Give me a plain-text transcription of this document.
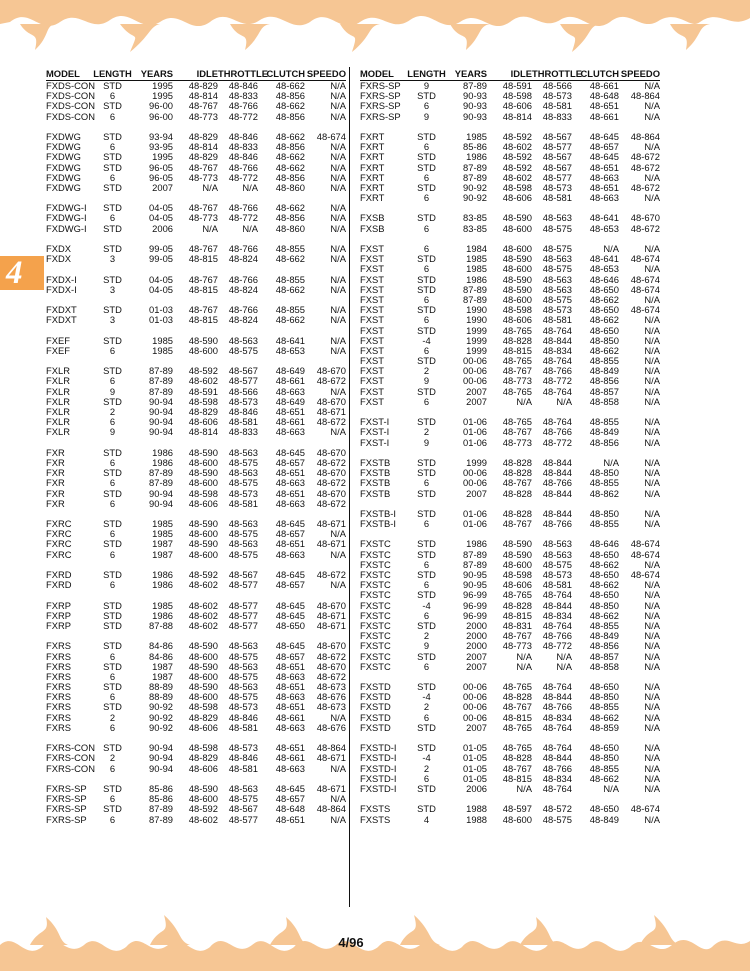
4
MODEL	LENGTH YEARS	IDLE THROTTLE
CLUTCH SPEEDO
FXDS-CON STD	1995	48-829	48-846	48-662	N/A
FXDS-CON	6	1995	48-814	48-833	48-856	N/A
FXDS-CON STD	96-00	48-767	48-766	48-662	N/A
FXDS-CON	6	96-00	48-773	48-772	48-856	N/A
FXDWG	STD	93-94	48-829	48-846	48-662	48-674
FXDWG	6	93-95	48-814	48-833	48-856	N/A
FXDWG	STD	1995	48-829	48-846	48-662	N/A
FXDWG	STD	96-05	48-767	48-766	48-662	N/A
FXDWG	6	96-05	48-773	48-772	48-856	N/A
FXDWG	STD	2007	N/A	N/A	48-860	N/A
FXDWG-I	STD	04-05	48-767	48-766	48-662	N/A
FXDWG-I	6	04-05	48-773	48-772	48-856	N/A
FXDWG-I	STD	2006	N/A	N/A	48-860	N/A
FXDX	STD	99-05	48-767	48-766	48-855	N/A
FXDX	3	99-05	48-815	48-824	48-662	N/A
FXDX-I	STD	04-05	48-767	48-766	48-855	N/A
FXDX-I	3	04-05	48-815	48-824	48-662	N/A
FXDXT	STD	01-03	48-767	48-766	48-855	N/A
FXDXT	3	01-03	48-815	48-824	48-662	N/A
FXEF	STD	1985	48-590	48-563	48-641	N/A
FXEF	6	1985	48-600	48-575	48-653	N/A
FXLR	STD	87-89	48-592	48-567	48-649	48-670
FXLR	6	87-89	48-602	48-577	48-661	48-672
FXLR	9	87-89	48-591	48-566	48-663	N/A
FXLR	STD	90-94	48-598	48-573	48-649	48-670
FXLR	2	90-94	48-829	48-846	48-651	48-671
FXLR	6	90-94	48-606	48-581	48-661	48-672
FXLR	9	90-94	48-814	48-833	48-663	N/A
FXR	STD	1986	48-590	48-563	48-645	48-670
FXR	6	1986	48-600	48-575	48-657	48-672
FXR	STD	87-89	48-590	48-563	48-651	48-670
FXR	6	87-89	48-600	48-575	48-663	48-672
FXR	STD	90-94	48-598	48-573	48-651	48-670
FXR	6	90-94	48-606	48-581	48-663	48-672
FXRC	STD	1985	48-590	48-563	48-645	48-671
FXRC	6	1985	48-600	48-575	48-657	N/A
FXRC	STD	1987	48-590	48-563	48-651	48-671
FXRC	6	1987	48-600	48-575	48-663	N/A
FXRD	STD	1986	48-592	48-567	48-645	48-672
FXRD	6	1986	48-602	48-577	48-657	N/A
FXRP	STD	1985	48-602	48-577	48-645	48-670
FXRP	STD	1986	48-602	48-577	48-645	48-671
FXRP	STD	87-88	48-602	48-577	48-650	48-671
FXRS	STD	84-86	48-590	48-563	48-645	48-670
FXRS	6	84-86	48-600	48-575	48-657	48-672
FXRS	STD	1987	48-590	48-563	48-651	48-670
FXRS	6	1987	48-600	48-575	48-663	48-672
FXRS	STD	88-89	48-590	48-563	48-651	48-673
FXRS	6	88-89	48-600	48-575	48-663	48-676
FXRS	STD	90-92	48-598	48-573	48-651	48-673
FXRS	2	90-92	48-829	48-846	48-661	N/A
FXRS	6	90-92	48-606	48-581	48-663	48-676
FXRS-CON STD	90-94	48-598	48-573	48-651	48-864
FXRS-CON	2	90-94	48-829	48-846	48-661	48-671
FXRS-CON	6	90-94	48-606	48-581	48-663	N/A
FXRS-SP	STD	85-86	48-590	48-563	48-645	48-671
FXRS-SP	6	85-86	48-600	48-575	48-657	N/A
FXRS-SP	STD	87-89	48-592	48-567	48-648	48-864
FXRS-SP	6	87-89	48-602	48-577	48-651	N/A
MODEL	LENGTH YEARS	IDLE THROTTLE
CLUTCH SPEEDO
FXRS-SP	9	87-89	48-591	48-566	48-661	N/A
FXRS-SP	STD	90-93	48-598	48-573	48-648	48-864
FXRS-SP	6	90-93	48-606	48-581	48-651	N/A
FXRS-SP	9	90-93	48-814	48-833	48-661	N/A
FXRT	STD	1985	48-592	48-567	48-645	48-864
FXRT	6	85-86	48-602	48-577	48-657	N/A
FXRT	STD	1986	48-592	48-567	48-645	48-672
FXRT	STD	87-89	48-592	48-567	48-651	48-672
FXRT	6	87-89	48-602	48-577	48-663	N/A
FXRT	STD	90-92	48-598	48-573	48-651	48-672
FXRT	6	90-92	48-606	48-581	48-663	N/A
FXSB	STD	83-85	48-590	48-563	48-641	48-670
FXSB	6	83-85	48-600	48-575	48-653	48-672
FXST	6	1984	48-600	48-575	N/A	N/A
FXST	STD	1985	48-590	48-563	48-641	48-674
FXST	6	1985	48-600	48-575	48-653	N/A
FXST	STD	1986	48-590	48-563	48-646	48-674
FXST	STD	87-89	48-590	48-563	48-650	48-674
FXST	6	87-89	48-600	48-575	48-662	N/A
FXST	STD	1990	48-598	48-573	48-650	48-674
FXST	6	1990	48-606	48-581	48-662	N/A
FXST	STD	1999	48-765	48-764	48-650	N/A
FXST	-4	1999	48-828	48-844	48-850	N/A
FXST	6	1999	48-815	48-834	48-662	N/A
FXST	STD	00-06	48-765	48-764	48-855	N/A
FXST	2	00-06	48-767	48-766	48-849	N/A
FXST	9	00-06	48-773	48-772	48-856	N/A
FXST	STD	2007	48-765	48-764	48-857	N/A
FXST	6	2007	N/A	N/A	48-858	N/A
FXST-I	STD	01-06	48-765	48-764	48-855	N/A
FXST-I	2	01-06	48-767	48-766	48-849	N/A
FXST-I	9	01-06	48-773	48-772	48-856	N/A
FXSTB	STD	1999	48-828	48-844	N/A	N/A
FXSTB	STD	00-06	48-828	48-844	48-850	N/A
FXSTB	6	00-06	48-767	48-766	48-855	N/A
FXSTB	STD	2007	48-828	48-844	48-862	N/A
FXSTB-I	STD	01-06	48-828	48-844	48-850	N/A
FXSTB-I	6	01-06	48-767	48-766	48-855	N/A
FXSTC	STD	1986	48-590	48-563	48-646	48-674
FXSTC	STD	87-89	48-590	48-563	48-650	48-674
FXSTC	6	87-89	48-600	48-575	48-662	N/A
FXSTC	STD	90-95	48-598	48-573	48-650	48-674
FXSTC	6	90-95	48-606	48-581	48-662	N/A
FXSTC	STD	96-99	48-765	48-764	48-650	N/A
FXSTC	-4	96-99	48-828	48-844	48-850	N/A
FXSTC	6	96-99	48-815	48-834	48-662	N/A
FXSTC	STD	2000	48-831	48-764	48-855	N/A
FXSTC	2	2000	48-767	48-766	48-849	N/A
FXSTC	9	2000	48-773	48-772	48-856	N/A
FXSTC	STD	2007	N/A	N/A	48-857	N/A
FXSTC	6	2007	N/A	N/A	48-858	N/A
FXSTD	STD	00-06	48-765	48-764	48-650	N/A
FXSTD	-4	00-06	48-828	48-844	48-850	N/A
FXSTD	2	00-06	48-767	48-766	48-855	N/A
FXSTD	6	00-06	48-815	48-834	48-662	N/A
FXSTD	STD	2007	48-765	48-764	48-859	N/A
FXSTD-I	STD	01-05	48-765	48-764	48-650	N/A
FXSTD-I	-4	01-05	48-828	48-844	48-850	N/A
FXSTD-I	2	01-05	48-767	48-766	48-855	N/A
FXSTD-I	6	01-05	48-815	48-834	48-662	N/A
FXSTD-I	STD	2006	N/A	48-764	N/A	N/A
FXSTS	STD	1988	48-597	48-572	48-650	48-674
FXSTS	4	1988	48-600	48-575	48-849	N/A
4/96
